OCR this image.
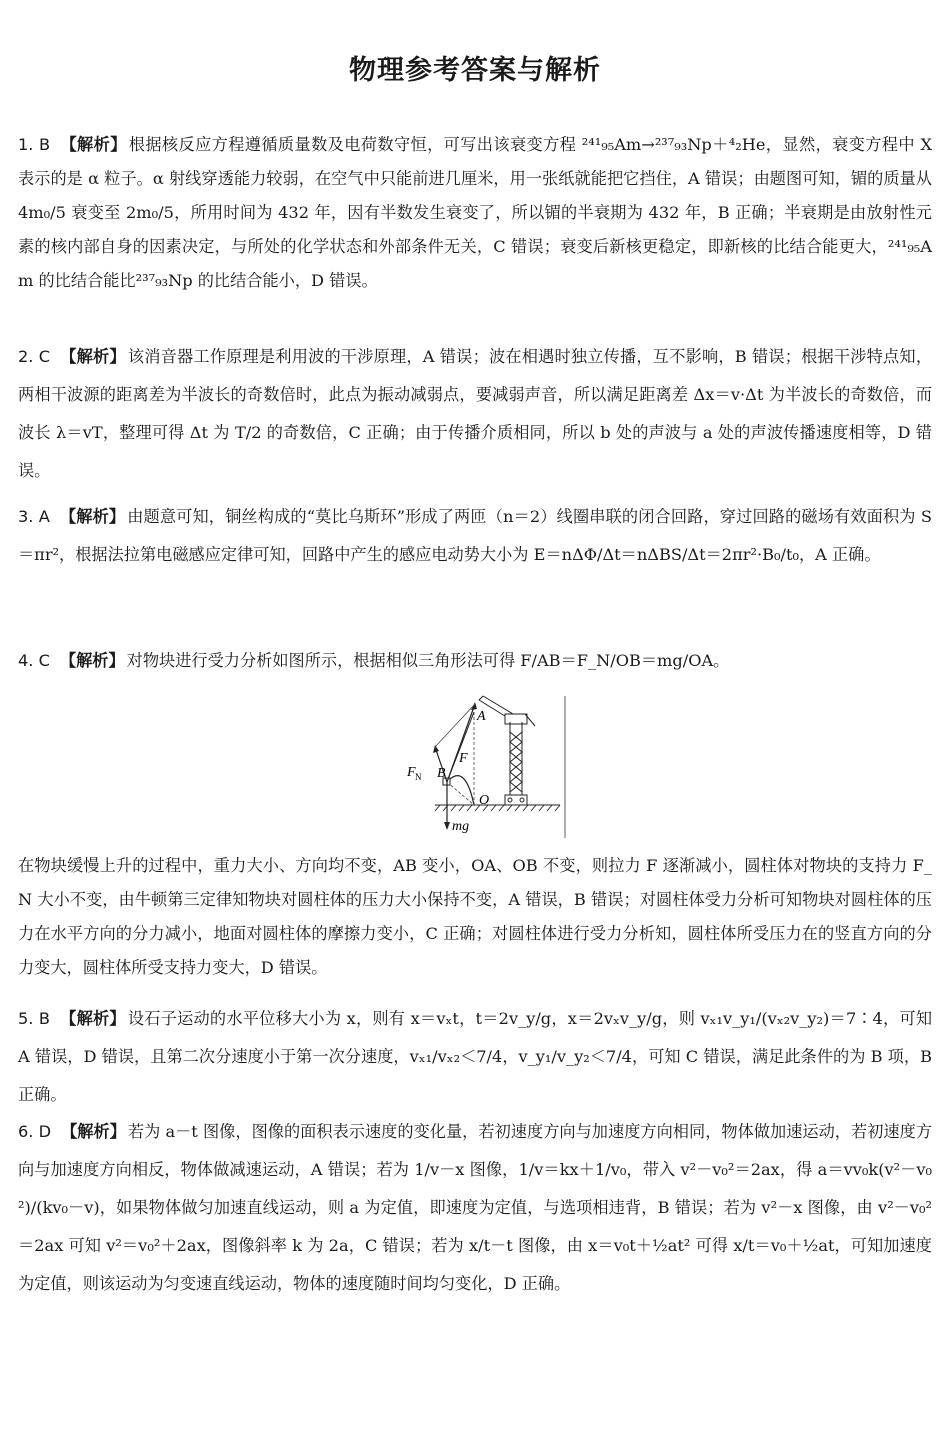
物理参考答案与解析
1. B 【解析】 根据核反应方程遵循质量数及电荷数守恒，可写出该衰变方程 ²⁴¹₉₅Am→²³⁷₉₃Np＋⁴₂He，显然，衰变方程中 X 表示的是 α 粒子。α 射线穿透能力较弱，在空气中只能前进几厘米，用一张纸就能把它挡住，A 错误；由题图可知，镅的质量从 4m₀/5 衰变至 2m₀/5，所用时间为 432 年，因有半数发生衰变了，所以镅的半衰期为 432 年，B 正确；半衰期是由放射性元素的核内部自身的因素决定，与所处的化学状态和外部条件无关，C 错误；衰变后新核更稳定，即新核的比结合能更大，²⁴¹₉₅Am 的比结合能比²³⁷₉₃Np 的比结合能小，D 错误。
2. C 【解析】 该消音器工作原理是利用波的干涉原理，A 错误；波在相遇时独立传播，互不影响，B 错误；根据干涉特点知，两相干波源的距离差为半波长的奇数倍时，此点为振动减弱点，要减弱声音，所以满足距离差 Δx＝v·Δt 为半波长的奇数倍，而波长 λ＝vT，整理可得 Δt 为 T/2 的奇数倍，C 正确；由于传播介质相同，所以 b 处的声波与 a 处的声波传播速度相等，D 错误。
3. A 【解析】 由题意可知，铜丝构成的“莫比乌斯环”形成了两匝（n＝2）线圈串联的闭合回路，穿过回路的磁场有效面积为 S＝πr²，根据法拉第电磁感应定律可知，回路中产生的感应电动势大小为 E＝nΔΦ/Δt＝nΔBS/Δt＝2πr²·B₀/t₀，A 正确。
4. C 【解析】 对物块进行受力分析如图所示，根据相似三角形法可得 F/AB＝F_N/OB＝mg/OA。
A
B
O
F
F N
mg
在物块缓慢上升的过程中，重力大小、方向均不变，AB 变小，OA、OB 不变，则拉力 F 逐渐减小，圆柱体对物块的支持力 F_N 大小不变，由牛顿第三定律知物块对圆柱体的压力大小保持不变，A 错误，B 错误；对圆柱体受力分析可知物块对圆柱体的压力在水平方向的分力减小，地面对圆柱体的摩擦力变小，C 正确；对圆柱体进行受力分析知，圆柱体所受压力在的竖直方向的分力变大，圆柱体所受支持力变大，D 错误。
5. B 【解析】 设石子运动的水平位移大小为 x，则有 x＝vₓt，t＝2v_y/g，x＝2vₓv_y/g，则 vₓ₁v_y₁/(vₓ₂v_y₂)＝7∶4，可知 A 错误，D 错误，且第二次分速度小于第一次分速度，vₓ₁/vₓ₂＜7/4，v_y₁/v_y₂＜7/4，可知 C 错误，满足此条件的为 B 项，B 正确。
6. D 【解析】 若为 a－t 图像，图像的面积表示速度的变化量，若初速度方向与加速度方向相同，物体做加速运动，若初速度方向与加速度方向相反，物体做减速运动，A 错误；若为 1/v－x 图像，1/v＝kx＋1/v₀，带入 v²－v₀²＝2ax，得 a＝vv₀k(v²－v₀²)/(kv₀－v)，如果物体做匀加速直线运动，则 a 为定值，即速度为定值，与选项相违背，B 错误；若为 v²－x 图像，由 v²－v₀²＝2ax 可知 v²＝v₀²＋2ax，图像斜率 k 为 2a，C 错误；若为 x/t－t 图像，由 x＝v₀t＋½at² 可得 x/t＝v₀＋½at，可知加速度为定值，则该运动为匀变速直线运动，物体的速度随时间均匀变化，D 正确。
